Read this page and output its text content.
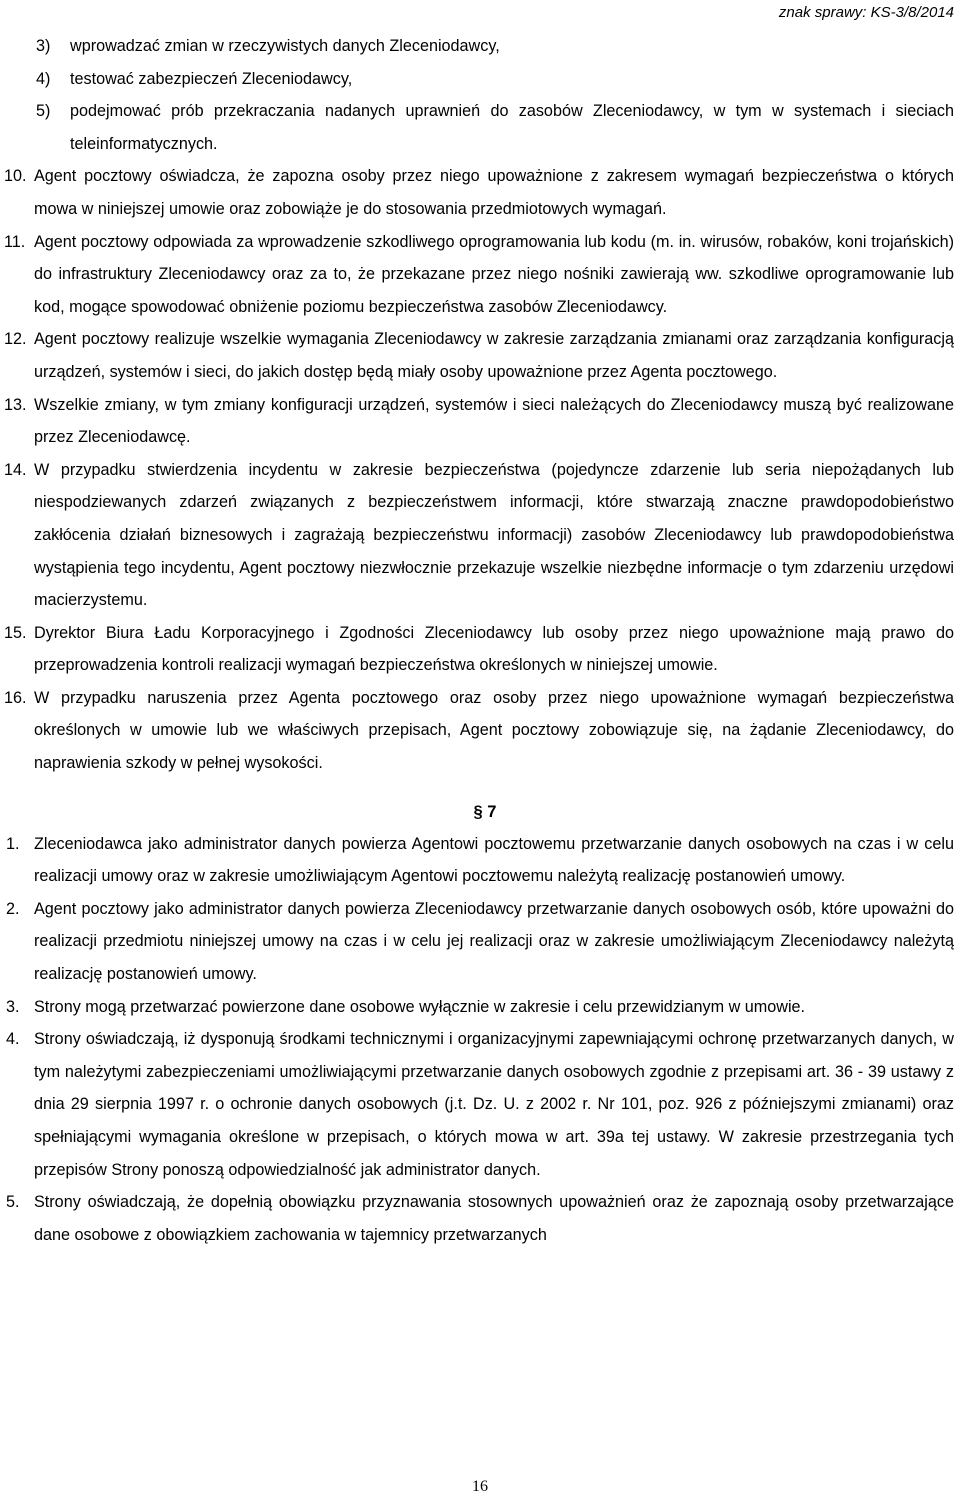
znak sprawy: KS-3/8/2014
3)	wprowadzać zmian w rzeczywistych danych Zleceniodawcy,
4)	testować zabezpieczeń Zleceniodawcy,
5)	podejmować prób przekraczania nadanych uprawnień do zasobów Zleceniodawcy, w tym w systemach i sieciach teleinformatycznych.
10. Agent pocztowy oświadcza, że zapozna osoby przez niego upoważnione z zakresem wymagań bezpieczeństwa o których mowa w niniejszej umowie oraz zobowiąże je do stosowania przedmiotowych wymagań.
11. Agent pocztowy odpowiada za wprowadzenie szkodliwego oprogramowania lub kodu (m. in. wirusów, robaków, koni trojańskich) do infrastruktury Zleceniodawcy oraz za to, że przekazane przez niego nośniki zawierają ww. szkodliwe oprogramowanie lub kod, mogące spowodować obniżenie poziomu bezpieczeństwa zasobów Zleceniodawcy.
12. Agent pocztowy realizuje wszelkie wymagania Zleceniodawcy w zakresie zarządzania zmianami oraz zarządzania konfiguracją urządzeń, systemów i sieci, do jakich dostęp będą miały osoby upoważnione przez Agenta pocztowego.
13. Wszelkie zmiany, w tym zmiany konfiguracji urządzeń, systemów i sieci należących do Zleceniodawcy muszą być realizowane przez Zleceniodawcę.
14. W przypadku stwierdzenia incydentu w zakresie bezpieczeństwa (pojedyncze zdarzenie lub seria niepożądanych lub niespodziewanych zdarzeń związanych z bezpieczeństwem informacji, które stwarzają znaczne prawdopodobieństwo zakłócenia działań biznesowych i zagrażają bezpieczeństwu informacji) zasobów Zleceniodawcy lub prawdopodobieństwa wystąpienia tego incydentu, Agent pocztowy niezwłocznie przekazuje wszelkie niezbędne informacje o tym zdarzeniu urzędowi macierzystemu.
15. Dyrektor Biura Ładu Korporacyjnego i Zgodności Zleceniodawcy lub osoby przez niego upoważnione mają prawo do przeprowadzenia kontroli realizacji wymagań bezpieczeństwa określonych w niniejszej umowie.
16. W przypadku naruszenia przez Agenta pocztowego oraz osoby przez niego upoważnione wymagań bezpieczeństwa określonych w umowie lub we właściwych przepisach, Agent pocztowy zobowiązuje się, na żądanie Zleceniodawcy, do naprawienia szkody w pełnej wysokości.
§ 7
1. Zleceniodawca jako administrator danych powierza Agentowi pocztowemu przetwarzanie danych osobowych na czas i w celu realizacji umowy oraz w zakresie umożliwiającym Agentowi pocztowemu należytą realizację postanowień umowy.
2. Agent pocztowy jako administrator danych powierza Zleceniodawcy przetwarzanie danych osobowych osób, które upoważni do realizacji przedmiotu niniejszej umowy na czas i w celu jej realizacji oraz w zakresie umożliwiającym Zleceniodawcy należytą realizację postanowień umowy.
3. Strony mogą przetwarzać powierzone dane osobowe wyłącznie w zakresie i celu przewidzianym w umowie.
4. Strony oświadczają, iż dysponują środkami technicznymi i organizacyjnymi zapewniającymi ochronę przetwarzanych danych, w tym należytymi zabezpieczeniami umożliwiającymi przetwarzanie danych osobowych zgodnie z przepisami art. 36 - 39 ustawy z dnia 29 sierpnia 1997 r. o ochronie danych osobowych (j.t. Dz. U. z 2002 r. Nr 101, poz. 926 z późniejszymi zmianami) oraz spełniającymi wymagania określone w przepisach, o których mowa w art. 39a tej ustawy. W zakresie przestrzegania tych przepisów Strony ponoszą odpowiedzialność jak administrator danych.
5. Strony oświadczają, że dopełnią obowiązku przyznawania stosownych upoważnień oraz że zapoznają osoby przetwarzające dane osobowe z obowiązkiem zachowania w tajemnicy przetwarzanych
16
